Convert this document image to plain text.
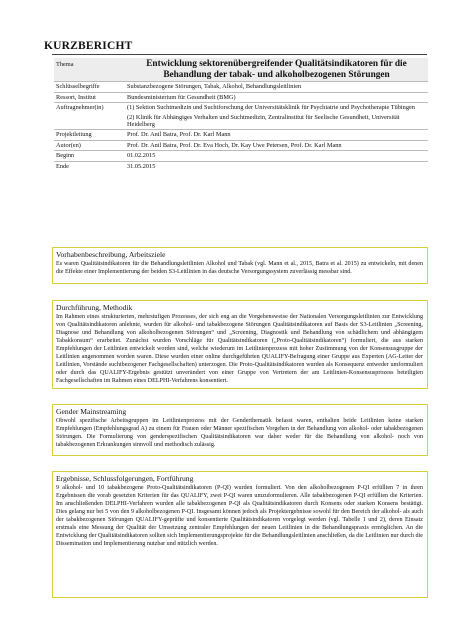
KURZBERICHT
Thema	Entwicklung sektorenübergreifender Qualitätsindikatoren für die Behandlung der tabak- und alkoholbezogenen Störungen
Schlüsselbegriffe	Substanzbezogene Störungen, Tabak, Alkohol, Behandlungsleitlinien
Ressort, Institut	Bundesministerium für Gesundheit (BMG)
Auftragnehmer(in)	(1) Sektion Suchtmedizin und Suchtforschung der Universitätsklinik für Psychiatrie und Psychotherapie Tübingen
	(2) Klinik für Abhängiges Verhalten und Suchtmedizin, Zentralinstitut für Seelische Gesundheit, Universität Heidelberg
Projektleitung	Prof. Dr. Anil Batra, Prof. Dr. Karl Mann
Autor(en)	Prof. Dr. Anil Batra, Prof. Dr. Eva Hoch, Dr. Kay Uwe Petersen, Prof. Dr. Karl Mann
Beginn	01.02.2015
Ende	31.05.2015
Vorhabenbeschreibung, Arbeitsziele
Es waren Qualitätsindikatoren für die Behandlungsleitlinien Alkohol und Tabak (vgl. Mann et al., 2015, Batra et al. 2015) zu entwickeln, mit denen die Effekte einer Implementierung der beiden S3-Leitlinien in das deutsche Versorgungssystem zuverlässig messbar sind.
Durchführung, Methodik
Im Rahmen eines strukturierten, mehrstufigen Prozesses, der sich eng an die Vorgehensweise der Nationalen Versorgungsleitlinien zur Entwicklung von Qualitätsindikatoren anlehnte, wurden für alkohol- und tabakbezogene Störungen Qualitätsindikatoren auf Basis der S3-Leitlinien „Screening, Diagnose und Behandlung von alkoholbezogenen Störungen“ und „Screening, Diagnostik und Behandlung von schädlichem und abhängigem Tabakkonsum“ erarbeitet. Zunächst wurden Vorschläge für Qualitätsindikatoren („Proto-Qualitätsindikatoren“) formuliert, die aus starken Empfehlungen der Leitlinien entwickelt worden sind, welche wiederum im Leitlinienprozess mit hoher Zustimmung von der Konsensusgruppe der Leitlinien angenommen worden waren. Diese wurden einer online durchgeführten QUALIFY-Befragung einer Gruppe aus Experten (AG-Leiter der Leitlinien, Vorstände suchtbezogener Fachgesellschaften) unterzogen. Die Proto-Qualitätsindikatoren wurden als Konsequenz entweder umformuliert oder durch das QUALIFY-Ergebnis gestützt unverändert von einer Gruppe von Vertretern der am Leitlinien-Konsensusprozess beteiligten Fachgesellschaften im Rahmen eines DELPHI-Verfahrens konsentiert.
Gender Mainstreaming
Obwohl spezifische Arbeitsgruppen im Leitlinienprozess mit der Genderthematik befasst waren, enthalten beide Leitlinien keine starken Empfehlungen (Empfehlungsgrad A) zu einem für Frauen oder Männer spezifischen Vorgehen in der Behandlung von alkohol- oder tabakbezogenen Störungen. Die Formulierung von genderspezifischen Qualitätsindikatoren war daher weder für die Behandlung von alkohol- noch von tabakbezogenen Erkrankungen sinnvoll und methodisch zulässig.
Ergebnisse, Schlussfolgerungen, Fortführung
9 alkohol- und 10 tabakbezogene Proto-Qualitätsindikatoren (P-QI) wurden formuliert. Von den alkoholbezogenen P-QI erfüllten 7 in ihren Ergebnissen die vorab gesetzten Kriterien für das QUALIFY, zwei P-QI waren umzuformulieren. Alle tabakbezogenen P-QI erfüllten die Kriterien. Im anschließenden DELPHI-Verfahren wurden alle tabakbezogenen P-QI als Qualitätsindikatoren durch Konsens oder starken Konsens bestätigt. Dies gelang nur bei 5 von den 9 alkoholbezogenen P-QI. Insgesamt können jedoch als Projektergebnisse sowohl für den Bereich der alkohol- als auch der tabakbezogenen Störungen QUALIFY-geprüfte und konsentierte Qualitätsindikatoren vorgelegt werden (vgl. Tabelle 1 und 2), deren Einsatz erstmals eine Messung der Qualität der Umsetzung zentraler Empfehlungen der neuen Leitlinien in die Behandlungspraxis ermöglichen. An die Entwicklung der Qualitätsindikatoren sollten sich Implementierungsprojekte für die Behandlungsleitlinien anschließen, da die Leitlinien nur durch die Dissemination und Implementierung nutzbar und nützlich werden.
